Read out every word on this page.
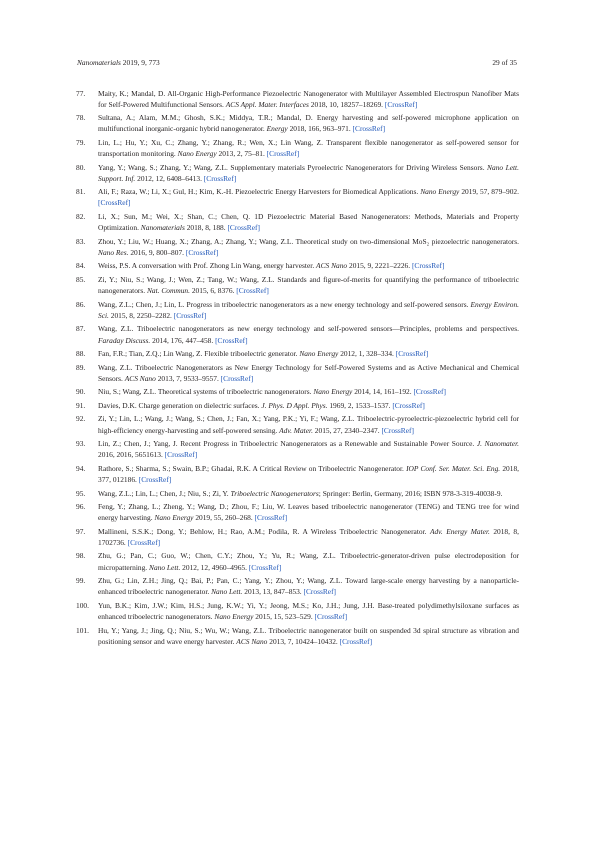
Nanomaterials 2019, 9, 773	29 of 35
77. Maity, K.; Mandal, D. All-Organic High-Performance Piezoelectric Nanogenerator with Multilayer Assembled Electrospun Nanofiber Mats for Self-Powered Multifunctional Sensors. ACS Appl. Mater. Interfaces 2018, 10, 18257–18269. [CrossRef]
78. Sultana, A.; Alam, M.M.; Ghosh, S.K.; Middya, T.R.; Mandal, D. Energy harvesting and self-powered microphone application on multifunctional inorganic-organic hybrid nanogenerator. Energy 2018, 166, 963–971. [CrossRef]
79. Lin, L.; Hu, Y.; Xu, C.; Zhang, Y.; Zhang, R.; Wen, X.; Lin Wang, Z. Transparent flexible nanogenerator as self-powered sensor for transportation monitoring. Nano Energy 2013, 2, 75–81. [CrossRef]
80. Yang, Y.; Wang, S.; Zhang, Y.; Wang, Z.L. Supplementary materials Pyroelectric Nanogenerators for Driving Wireless Sensors. Nano Lett. Support. Inf. 2012, 12, 6408–6413. [CrossRef]
81. Ali, F.; Raza, W.; Li, X.; Gul, H.; Kim, K.-H. Piezoelectric Energy Harvesters for Biomedical Applications. Nano Energy 2019, 57, 879–902. [CrossRef]
82. Li, X.; Sun, M.; Wei, X.; Shan, C.; Chen, Q. 1D Piezoelectric Material Based Nanogenerators: Methods, Materials and Property Optimization. Nanomaterials 2018, 8, 188. [CrossRef]
83. Zhou, Y.; Liu, W.; Huang, X.; Zhang, A.; Zhang, Y.; Wang, Z.L. Theoretical study on two-dimensional MoS₂ piezoelectric nanogenerators. Nano Res. 2016, 9, 800–807. [CrossRef]
84. Weiss, P.S. A conversation with Prof. Zhong Lin Wang, energy harvester. ACS Nano 2015, 9, 2221–2226. [CrossRef]
85. Zi, Y.; Niu, S.; Wang, J.; Wen, Z.; Tang, W.; Wang, Z.L. Standards and figure-of-merits for quantifying the performance of triboelectric nanogenerators. Nat. Commun. 2015, 6, 8376. [CrossRef]
86. Wang, Z.L.; Chen, J.; Lin, L. Progress in triboelectric nanogenerators as a new energy technology and self-powered sensors. Energy Environ. Sci. 2015, 8, 2250–2282. [CrossRef]
87. Wang, Z.L. Triboelectric nanogenerators as new energy technology and self-powered sensors—Principles, problems and perspectives. Faraday Discuss. 2014, 176, 447–458. [CrossRef]
88. Fan, F.R.; Tian, Z.Q.; Lin Wang, Z. Flexible triboelectric generator. Nano Energy 2012, 1, 328–334. [CrossRef]
89. Wang, Z.L. Triboelectric Nanogenerators as New Energy Technology for Self-Powered Systems and as Active Mechanical and Chemical Sensors. ACS Nano 2013, 7, 9533–9557. [CrossRef]
90. Niu, S.; Wang, Z.L. Theoretical systems of triboelectric nanogenerators. Nano Energy 2014, 14, 161–192. [CrossRef]
91. Davies, D.K. Charge generation on dielectric surfaces. J. Phys. D Appl. Phys. 1969, 2, 1533–1537. [CrossRef]
92. Zi, Y.; Lin, L.; Wang, J.; Wang, S.; Chen, J.; Fan, X.; Yang, P.K.; Yi, F.; Wang, Z.L. Triboelectric-pyroelectric-piezoelectric hybrid cell for high-efficiency energy-harvesting and self-powered sensing. Adv. Mater. 2015, 27, 2340–2347. [CrossRef]
93. Lin, Z.; Chen, J.; Yang, J. Recent Progress in Triboelectric Nanogenerators as a Renewable and Sustainable Power Source. J. Nanomater. 2016, 2016, 5651613. [CrossRef]
94. Rathore, S.; Sharma, S.; Swain, B.P.; Ghadai, R.K. A Critical Review on Triboelectric Nanogenerator. IOP Conf. Ser. Mater. Sci. Eng. 2018, 377, 012186. [CrossRef]
95. Wang, Z.L.; Lin, L.; Chen, J.; Niu, S.; Zi, Y. Triboelectric Nanogenerators; Springer: Berlin, Germany, 2016; ISBN 978-3-319-40038-9.
96. Feng, Y.; Zhang, L.; Zheng, Y.; Wang, D.; Zhou, F.; Liu, W. Leaves based triboelectric nanogenerator (TENG) and TENG tree for wind energy harvesting. Nano Energy 2019, 55, 260–268. [CrossRef]
97. Mallineni, S.S.K.; Dong, Y.; Behlow, H.; Rao, A.M.; Podila, R. A Wireless Triboelectric Nanogenerator. Adv. Energy Mater. 2018, 8, 1702736. [CrossRef]
98. Zhu, G.; Pan, C.; Guo, W.; Chen, C.Y.; Zhou, Y.; Yu, R.; Wang, Z.L. Triboelectric-generator-driven pulse electrodeposition for micropatterning. Nano Lett. 2012, 12, 4960–4965. [CrossRef]
99. Zhu, G.; Lin, Z.H.; Jing, Q.; Bai, P.; Pan, C.; Yang, Y.; Zhou, Y.; Wang, Z.L. Toward large-scale energy harvesting by a nanoparticle-enhanced triboelectric nanogenerator. Nano Lett. 2013, 13, 847–853. [CrossRef]
100. Yun, B.K.; Kim, J.W.; Kim, H.S.; Jung, K.W.; Yi, Y.; Jeong, M.S.; Ko, J.H.; Jung, J.H. Base-treated polydimethylsiloxane surfaces as enhanced triboelectric nanogenerators. Nano Energy 2015, 15, 523–529. [CrossRef]
101. Hu, Y.; Yang, J.; Jing, Q.; Niu, S.; Wu, W.; Wang, Z.L. Triboelectric nanogenerator built on suspended 3d spiral structure as vibration and positioning sensor and wave energy harvester. ACS Nano 2013, 7, 10424–10432. [CrossRef]
